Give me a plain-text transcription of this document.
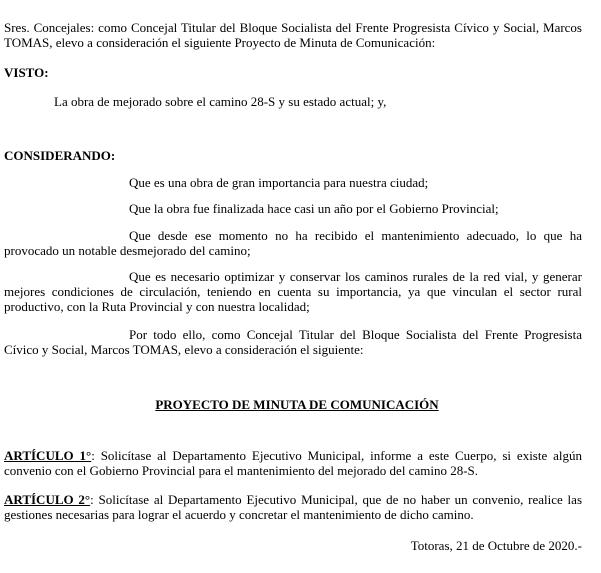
Sres. Concejales: como Concejal Titular del Bloque Socialista del Frente Progresista Cívico y Social, Marcos TOMAS, elevo a consideración el siguiente Proyecto de Minuta de Comunicación:
VISTO:
La obra de mejorado sobre el camino 28-S y su estado actual; y,
CONSIDERANDO:
Que es una obra de gran importancia para nuestra ciudad;
Que la obra fue finalizada hace casi un año por el Gobierno Provincial;
Que desde ese momento no ha recibido el mantenimiento adecuado, lo que ha provocado un notable desmejorado del camino;
Que es necesario optimizar y conservar los caminos rurales de la red vial, y generar mejores condiciones de circulación, teniendo en cuenta su importancia, ya que vinculan el sector rural productivo, con la Ruta Provincial y con nuestra localidad;
Por todo ello, como Concejal Titular del Bloque Socialista del Frente Progresista Cívico y Social, Marcos TOMAS, elevo a consideración el siguiente:
PROYECTO DE MINUTA DE COMUNICACIÓN
ARTÍCULO 1°: Solicítase al Departamento Ejecutivo Municipal, informe a este Cuerpo, si existe algún convenio con el Gobierno Provincial para el mantenimiento del mejorado del camino 28-S.
ARTÍCULO 2°: Solicítase al Departamento Ejecutivo Municipal, que de no haber un convenio, realice las gestiones necesarias para lograr el acuerdo y concretar el mantenimiento de dicho camino.
Totoras, 21 de Octubre de 2020.-
